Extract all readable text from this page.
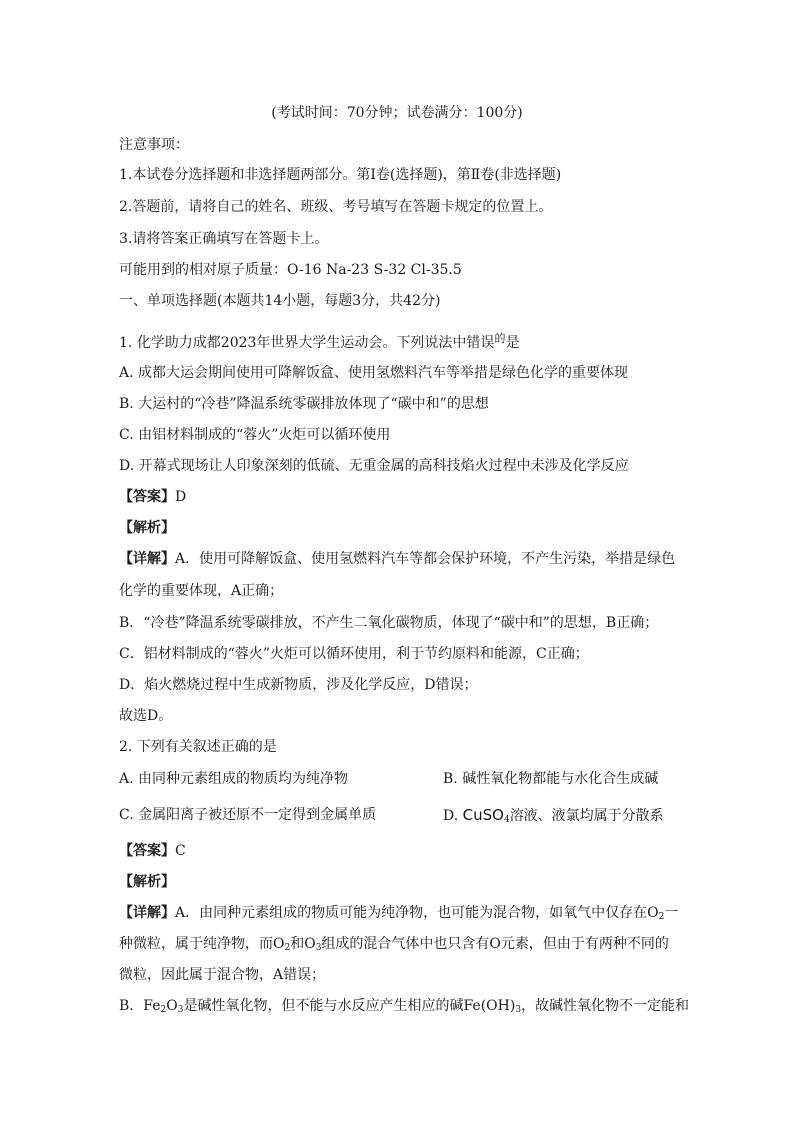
(考试时间：70分钟；试卷满分：100分)
注意事项：
1.本试卷分选择题和非选择题两部分。第Ⅰ卷(选择题)，第Ⅱ卷(非选择题)
2.答题前，请将自己的姓名、班级、考号填写在答题卡规定的位置上。
3.请将答案正确填写在答题卡上。
可能用到的相对原子质量：O-16 Na-23 S-32 Cl-35.5
一、单项选择题(本题共14小题，每题3分，共42分)
1. 化学助力成都2023年世界大学生运动会。下列说法中错误$^的$是
A. 成都大运会期间使用可降解饭盒、使用氢燃料汽车等举措是绿色化学的重要体现
B. 大运村的“冷巷”降温系统零碳排放体现了“碳中和”的思想
C. 由铝材料制成的“蓉火”火炬可以循环使用
D. 开幕式现场让人印象深刻的低硫、无重金属的高科技焰火过程中未涉及化学反应
【答案】D
【解析】
【详解】A．使用可降解饭盒、使用氢燃料汽车等都会保护环境，不产生污染，举措是绿色
化学的重要体现，A正确；
B．“冷巷”降温系统零碳排放，不产生二氧化碳物质，体现了“碳中和”的思想，B正确；
C．铝材料制成的“蓉火”火炬可以循环使用，利于节约原料和能源，C正确；
D．焰火燃烧过程中生成新物质，涉及化学反应，D错误；
故选D。
2. 下列有关叙述正确的是
A. 由同种元素组成的物质均为纯净物	B. 碱性氧化物都能与水化合生成碱
C. 金属阳离子被还原不一定得到金属单质	D. CuSO$_4$溶液、液氯均属于分散系
【答案】C
【解析】
【详解】A．由同种元素组成的物质可能为纯净物，也可能为混合物，如氧气中仅存在$O_2$一
种微粒，属于纯净物，而$O_2$和$O_3$组成的混合气体中也只含有O元素，但由于有两种不同的
微粒，因此属于混合物，A错误；
B．$Fe_2O_3$是碱性氧化物，但不能与水反应产生相应的碱$Fe(OH)_3$，故碱性氧化物不一定能和
